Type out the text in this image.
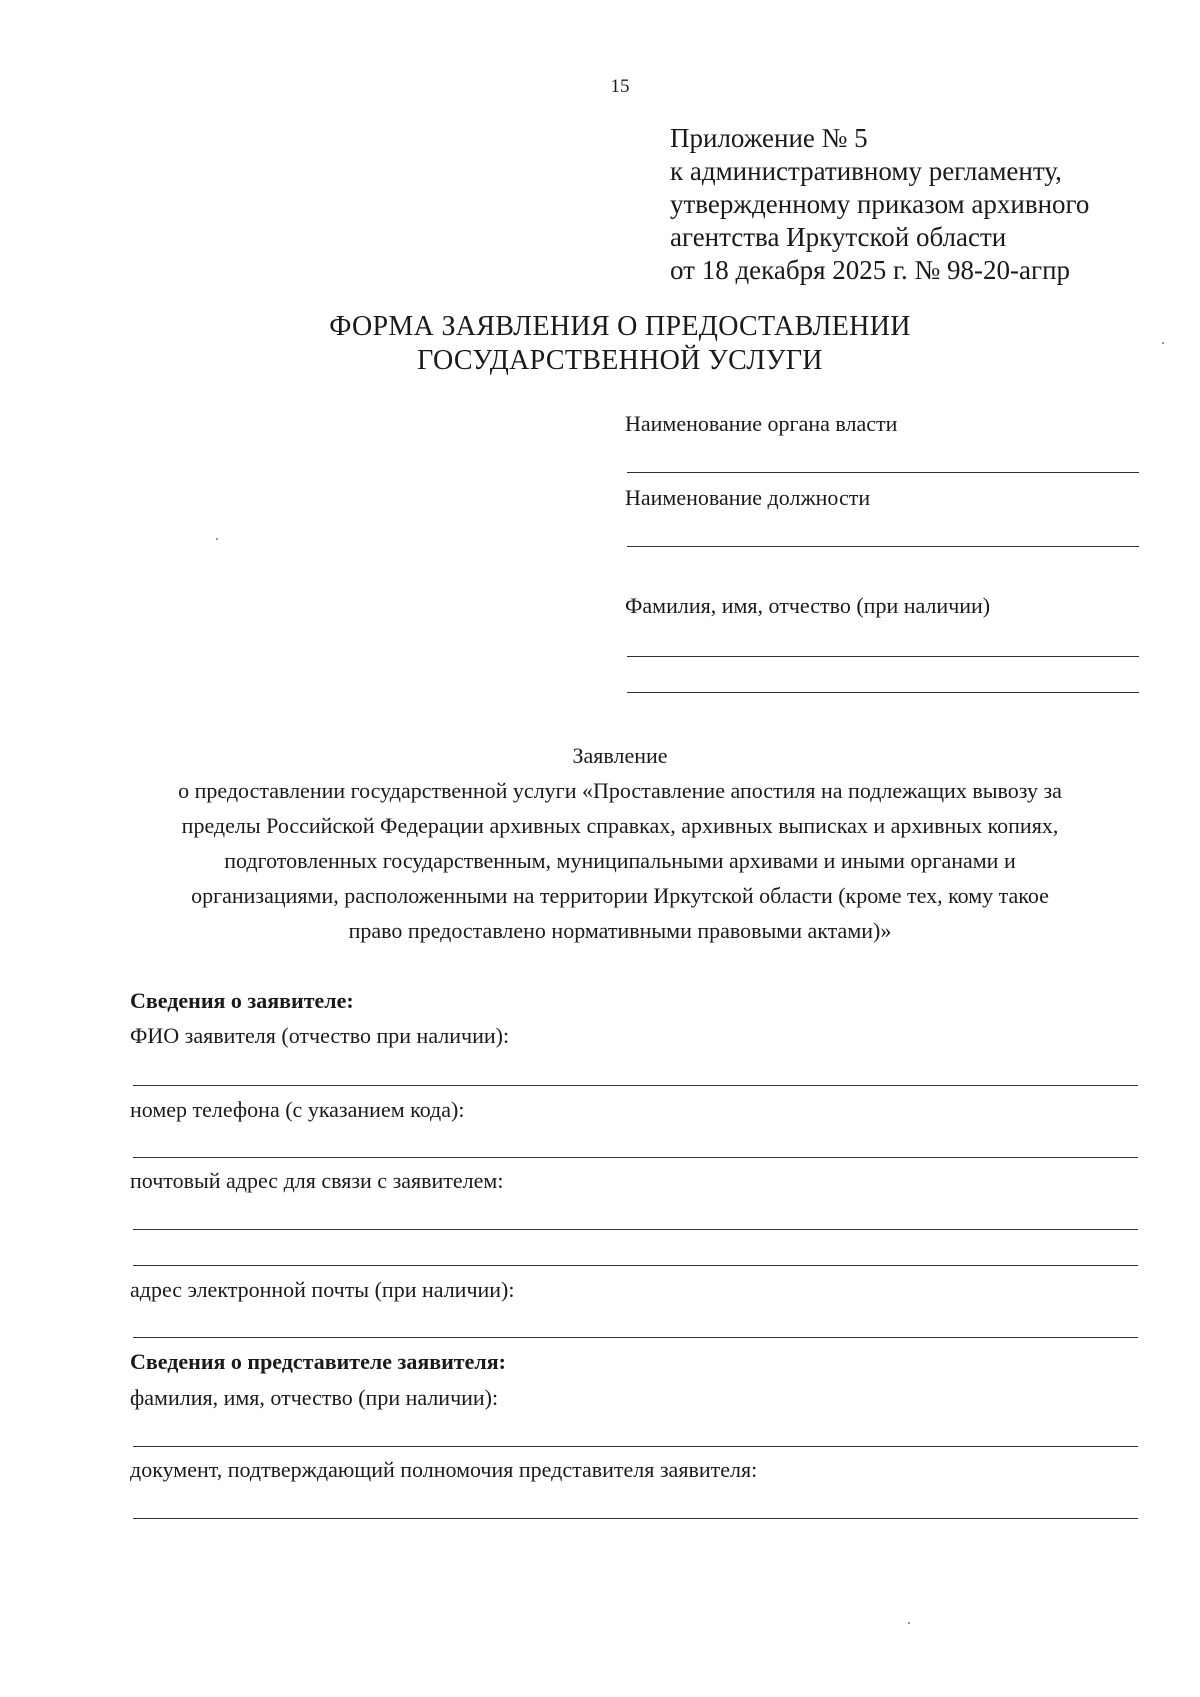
15
Приложение № 5
к административному регламенту,
утвержденному приказом архивного
агентства Иркутской области
от 18 декабря 2025 г. № 98-20-агпр
ФОРМА ЗАЯВЛЕНИЯ О ПРЕДОСТАВЛЕНИИ
ГОСУДАРСТВЕННОЙ УСЛУГИ
Наименование органа власти
Наименование должности
Фамилия, имя, отчество (при наличии)
Заявление
о предоставлении государственной услуги «Проставление апостиля на подлежащих вывозу за
пределы Российской Федерации архивных справках, архивных выписках и архивных копиях,
подготовленных государственным, муниципальными архивами и иными органами и
организациями, расположенными на территории Иркутской области (кроме тех, кому такое
право предоставлено нормативными правовыми актами)»
Сведения о заявителе:
ФИО заявителя (отчество при наличии):
номер телефона (с указанием кода):
почтовый адрес для связи с заявителем:
адрес электронной почты (при наличии):
Сведения о представителе заявителя:
фамилия, имя, отчество (при наличии):
документ, подтверждающий полномочия представителя заявителя:
